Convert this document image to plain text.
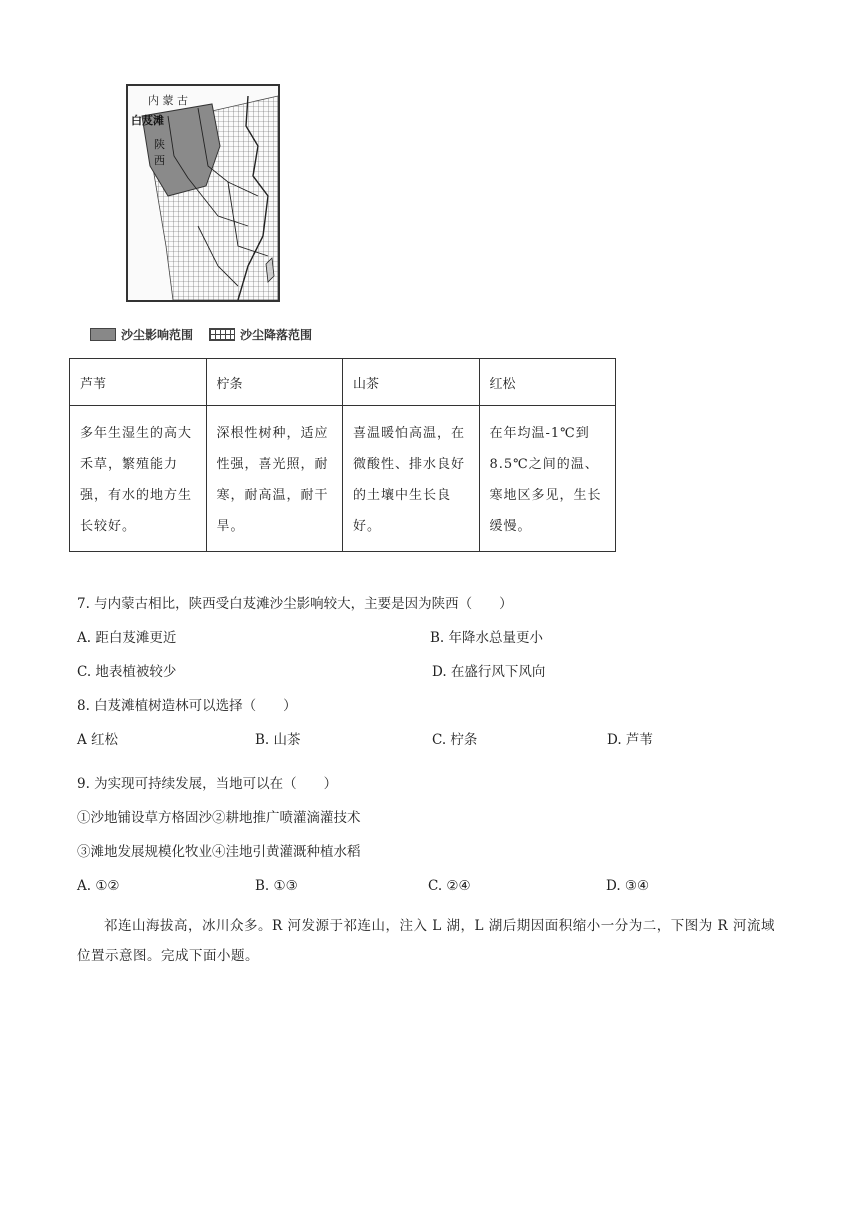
内 蒙 古
白芨滩
陕
西
沙尘影响范围	沙尘降落范围
芦苇	柠条	山茶	红松
多年生湿生的高大禾草，繁殖能力强，有水的地方生长较好。	深根性树种，适应性强，喜光照，耐寒，耐高温，耐干旱。	喜温暖怕高温，在微酸性、排水良好的土壤中生长良好。	在年均温-1℃到8.5℃之间的温、寒地区多见，生长缓慢。
7. 与内蒙古相比，陕西受白芨滩沙尘影响较大，主要是因为陕西（　　）
A. 距白芨滩更近	B. 年降水总量更小
C. 地表植被较少	D. 在盛行风下风向
8. 白芨滩植树造林可以选择（　　）
A 红松	B. 山茶	C. 柠条	D. 芦苇
9. 为实现可持续发展，当地可以在（　　）
①沙地铺设草方格固沙②耕地推广喷灌滴灌技术
③滩地发展规模化牧业④洼地引黄灌溉种植水稻
A. ①②	B. ①③	C. ②④	D. ③④
祁连山海拔高，冰川众多。R 河发源于祁连山，注入 L 湖，L 湖后期因面积缩小一分为二，下图为 R 河流域位置示意图。完成下面小题。
